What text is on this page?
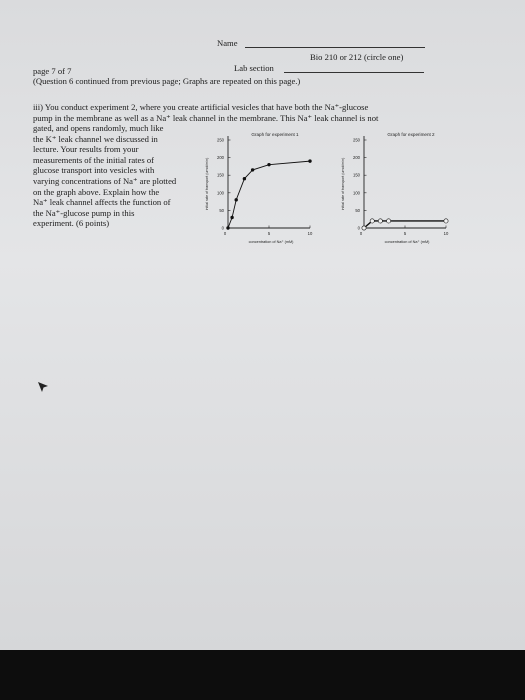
Name
Bio 210 or 212 (circle one)
page 7 of 7	Lab section
(Question 6 continued from previous page; Graphs are repeated on this page.)
iii) You conduct experiment 2, where you create artificial vesicles that have both the Na⁺-glucose
pump in the membrane as well as a Na⁺ leak channel in the membrane. This Na⁺ leak channel is not
gated, and opens randomly, much like
the K⁺ leak channel we discussed in
lecture. Your results from your
measurements of the initial rates of
glucose transport into vesicles with
varying concentrations of Na⁺ are plotted
on the graph above. Explain how the
Na⁺ leak channel affects the function of
the Na⁺-glucose pump in this
experiment. (6 points)
Graph for experiment 1
0
50
100
150
200
250
0	5	10
concentration of Na⁺ (mM)
initial rate of transport (umol/min)
Graph for experiment 2
0
50
100
150
200
250
0	5	10
concentration of Na⁺ (mM)
initial rate of transport (umol/min)
